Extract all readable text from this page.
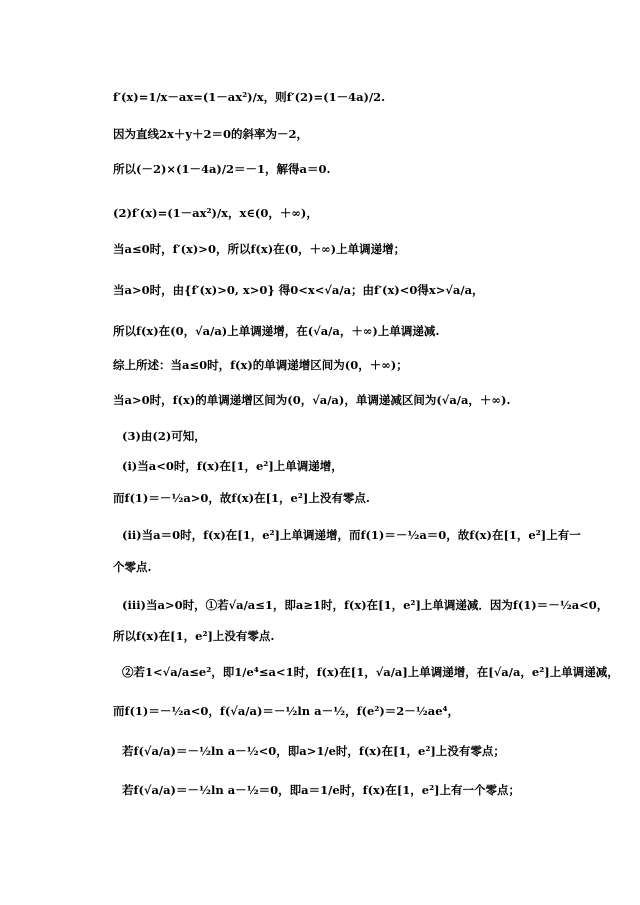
f′(x)=1/x－ax=(1－ax²)/x，则f′(2)=(1－4a)/2.
因为直线2x＋y＋2＝0的斜率为－2，
所以(－2)×(1－4a)/2＝－1，解得a＝0.
(2)f′(x)=(1－ax²)/x，x∈(0，＋∞)，
当a≤0时，f′(x)>0，所以f(x)在(0，＋∞)上单调递增；
当a>0时，由{f′(x)>0, x>0} 得0<x<√a/a；由f′(x)<0得x>√a/a，
所以f(x)在(0，√a/a)上单调递增，在(√a/a，＋∞)上单调递减.
综上所述：当a≤0时，f(x)的单调递增区间为(0，＋∞)；
当a>0时，f(x)的单调递增区间为(0，√a/a)，单调递减区间为(√a/a，＋∞).
(3)由(2)可知，
(ⅰ)当a<0时，f(x)在[1，e²]上单调递增，
而f(1)＝－½a>0，故f(x)在[1，e²]上没有零点.
(ⅱ)当a＝0时，f(x)在[1，e²]上单调递增，而f(1)＝－½a＝0，故f(x)在[1，e²]上有一
个零点.
(ⅲ)当a>0时，①若√a/a≤1，即a≥1时，f(x)在[1，e²]上单调递减．因为f(1)＝－½a<0，
所以f(x)在[1，e²]上没有零点.
②若1<√a/a≤e²，即1/e⁴≤a<1时，f(x)在[1，√a/a]上单调递增，在[√a/a，e²]上单调递减，
而f(1)＝－½a<0，f(√a/a)＝－½ln a－½，f(e²)＝2－½ae⁴，
若f(√a/a)＝－½ln a－½<0，即a>1/e时，f(x)在[1，e²]上没有零点；
若f(√a/a)＝－½ln a－½＝0，即a＝1/e时，f(x)在[1，e²]上有一个零点；
